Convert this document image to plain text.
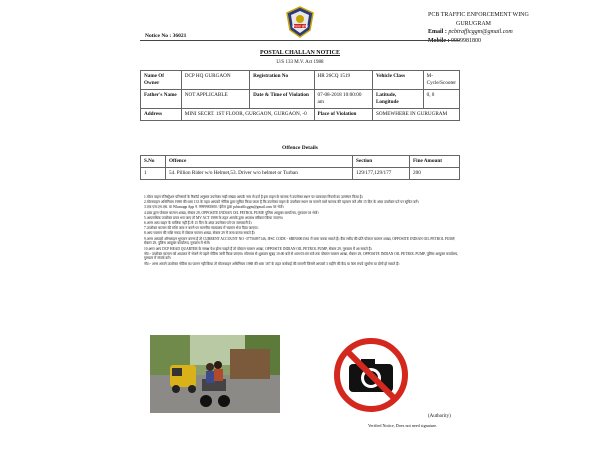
हरियाणा पुलिस
PCB TRAFFIC ENFORCEMENT WING
GURUGRAM
Email : pcbtrafficggm@gmail.com
Mobile : 9999981800
Notice No : 36021
POSTAL CHALLAN NOTICE
U/S 133 M.V. Act 1988
Name Of Owner	DCP HQ GURGAON	Registration No	HR 26CQ 1519	Vehicle Class	M-Cycle/Scooter
Father's Name	NOT APPLICABLE	Date & Time of Violation	07-08-2018 10:00:00 am	Latitude, Longitude	0, 0
Address	MINI SECRT. 1ST FLOOR, GURGAON, GURGAON, -0		Place of Violation	SOMEWHERE IN GURUGRAM	
Offence Details
S.No	Offence	Section	Fine Amount
1	54. Pillion Rider w/o Helmet,53. Driver w/o helmet or Turban	129/177,129/177	200

1.मोटर वाहन रजिस्ट्रेशन परिणामों के रिकॉर्ड अनुसार उपरोक्त गाड़ी संख्या आपके नाम से दर्ज है इस वाहन के चालक ने उपरोक्त स्थान पर यातायात नियमों का उल्लंघन किया है।

2.मोटरवाहन अधिनियम 1988 की धारा 133 के तहत आपको नोटिस द्वारा सूचित किया जाता है कि उपरोक्त वाहन के उपरोक्त स्थान पर चलाने वाले चालक की पहचान करें और 15 दिन के अंदर उपरोक्त पते पर सूचित करें।

3.एक एस.एम.एस. या Whatsapp App नं. 9999981800 / ईमेल द्वारा pcbtrafficggm@gmail.com पर भेजें।

4.डाक द्वारा पोस्टल चालान शाखा, सेक्टर 29, OPPOSITE INDIAN OIL PETROL PUMP, पुलिस आयुक्त कार्यालय, गुरुग्राम पर भेजें।

5.आपराधिक उपरोक्त प्रपत्र भरा जाए तो MV ACT 1988 के तहत आपके द्वारा अपराध स्वीकार किया जाएगा।

6.अगर आप वाहन के मालिक नहीं हैं तो 15 दिन के अंदर उपरोक्त पते पर जानकारी दें।

7.उपरोक्त चालान की राशि जमा न करने पर माननीय न्यायालय में चालान भेज दिया जाएगा।

8.आप चालान की राशि नकद में पोस्टल चालान शाखा, सेक्टर 29 में जमा करवा सकते हैं।

9.अगर आपको ऑनलाइन भुगतान करना है तो CURRENT ACCOUNT NO -37756097146, IFSC CODE - SBIN0001561 में जमा करवा सकते हैं। बैंक रसीद की प्रति पोस्टल चालान शाखा, OPPOSITE INDIAN OIL PETROL PUMP, सेक्टर 29, पुलिस आयुक्त कार्यालय, गुरुग्राम में भेजें।

10.अगर आप DCP HEAD QUARTER के समक्ष पेश होना चाहते हैं तो पोस्टल चालान शाखा, OPPOSITE INDIAN OIL PETROL PUMP, सेक्टर 29, गुरुग्राम में आ सकते हैं।

नोट:- उपरोक्त चालान को अदालत में भेजने से पहले नोटिस जारी किया जाएगा। सोमवार से शुक्रवार सुबह 10:00 बजे से शाम 05:00 बजे तक पोस्टल चालान शाखा, सेक्टर 29, OPPOSITE INDIAN OIL PETROL PUMP, पुलिस आयुक्त कार्यालय, गुरुग्राम में संपर्क करें।

नोट:- अगर आपने उपरोक्त नोटिस का पालन नहीं किया तो मोटरवाहन अधिनियम 1988 की धारा 187 के तहत कार्रवाई की जाएगी जिसमें आपको 3 महीने की कैद या 500 रुपये जुर्माना या दोनों हो सकते हैं।

(Authority)
Verified Notice, Does not need signature.
